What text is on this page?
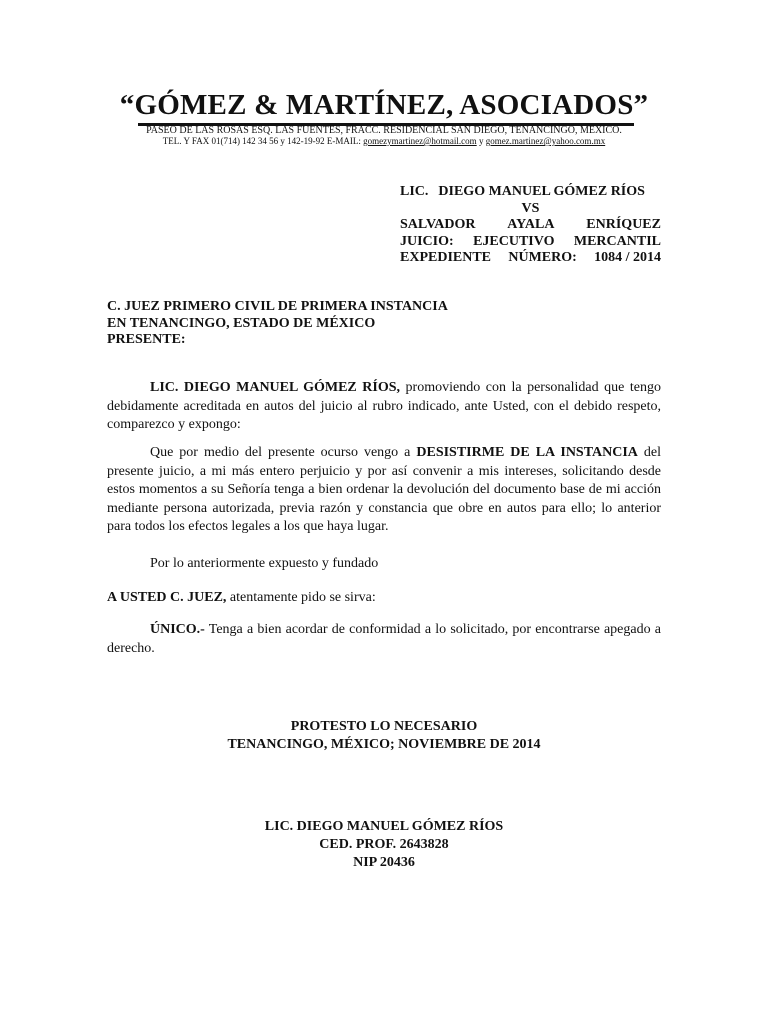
“GÓMEZ & MARTÍNEZ, ASOCIADOS”
PASEO DE LAS ROSAS ESQ. LAS FUENTES, FRACC. RESIDENCIAL SAN DIEGO, TENANCINGO, MÉXICO.
TEL. Y FAX 01(714) 142 34 56 y 142-19-92 E-MAIL: gomezymartinez@hotmail.com y gomez.martinez@yahoo.com.mx
LIC. DIEGO MANUEL GÓMEZ RÍOS
VS
SALVADOR AYALA ENRÍQUEZ
JUICIO: EJECUTIVO MERCANTIL
EXPEDIENTE NÚMERO: 1084 / 2014
C. JUEZ PRIMERO CIVIL DE PRIMERA INSTANCIA
EN TENANCINGO, ESTADO DE MÉXICO
PRESENTE:
LIC. DIEGO MANUEL GÓMEZ RÍOS, promoviendo con la personalidad que tengo debidamente acreditada en autos del juicio al rubro indicado, ante Usted, con el debido respeto, comparezco y expongo:
Que por medio del presente ocurso vengo a DESISTIRME DE LA INSTANCIA del presente juicio, a mi más entero perjuicio y por así convenir a mis intereses, solicitando desde estos momentos a su Señoría tenga a bien ordenar la devolución del documento base de mi acción mediante persona autorizada, previa razón y constancia que obre en autos para ello; lo anterior para todos los efectos legales a los que haya lugar.
Por lo anteriormente expuesto y fundado
A USTED C. JUEZ, atentamente pido se sirva:
ÚNICO.- Tenga a bien acordar de conformidad a lo solicitado, por encontrarse apegado a derecho.
PROTESTO LO NECESARIO
TENANCINGO, MÉXICO; NOVIEMBRE DE 2014
LIC. DIEGO MANUEL GÓMEZ RÍOS
CED. PROF. 2643828
NIP 20436
